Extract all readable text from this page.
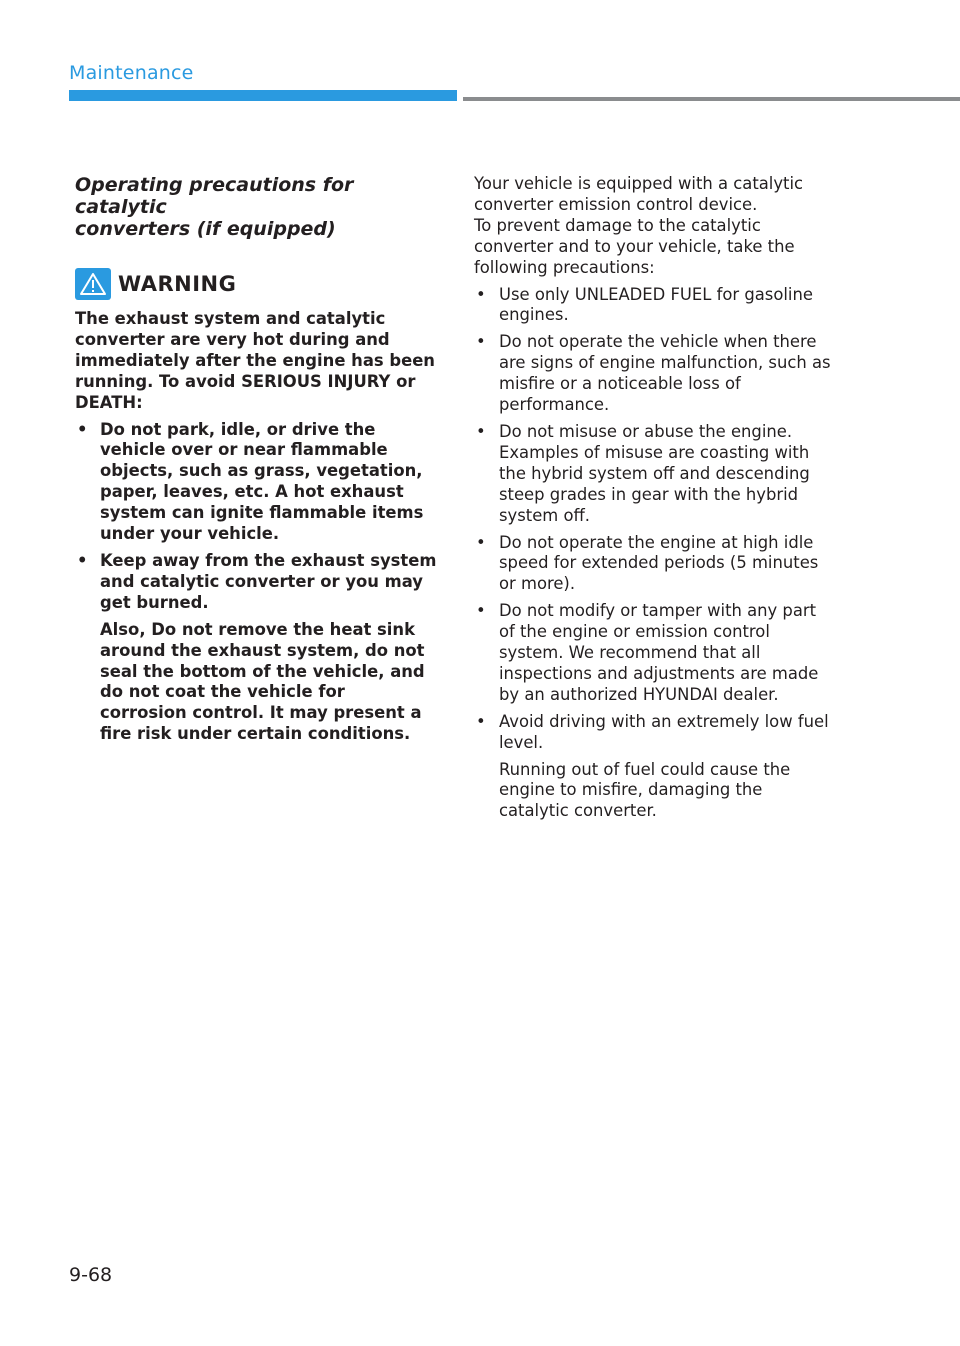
Maintenance
Operating precautions for catalytic
converters (if equipped)
WARNING

The exhaust system and catalytic converter are very hot during and immediately after the engine has been running. To avoid SERIOUS INJURY or DEATH:

• Do not park, idle, or drive the vehicle over or near flammable objects, such as grass, vegetation, paper, leaves, etc. A hot exhaust system can ignite flammable items under your vehicle.
• Keep away from the exhaust system and catalytic converter or you may get burned.

Also, Do not remove the heat sink around the exhaust system, do not seal the bottom of the vehicle, and do not coat the vehicle for corrosion control. It may present a fire risk under certain conditions.

Your vehicle is equipped with a catalytic converter emission control device.

To prevent damage to the catalytic converter and to your vehicle, take the following precautions:

• Use only UNLEADED FUEL for gasoline engines.
• Do not operate the vehicle when there are signs of engine malfunction, such as misfire or a noticeable loss of performance.
• Do not misuse or abuse the engine. Examples of misuse are coasting with the hybrid system off and descending steep grades in gear with the hybrid system off.
• Do not operate the engine at high idle speed for extended periods (5 minutes or more).
• Do not modify or tamper with any part of the engine or emission control system. We recommend that all inspections and adjustments are made by an authorized HYUNDAI dealer.
• Avoid driving with an extremely low fuel level.

Running out of fuel could cause the engine to misfire, damaging the catalytic converter.

9-68
